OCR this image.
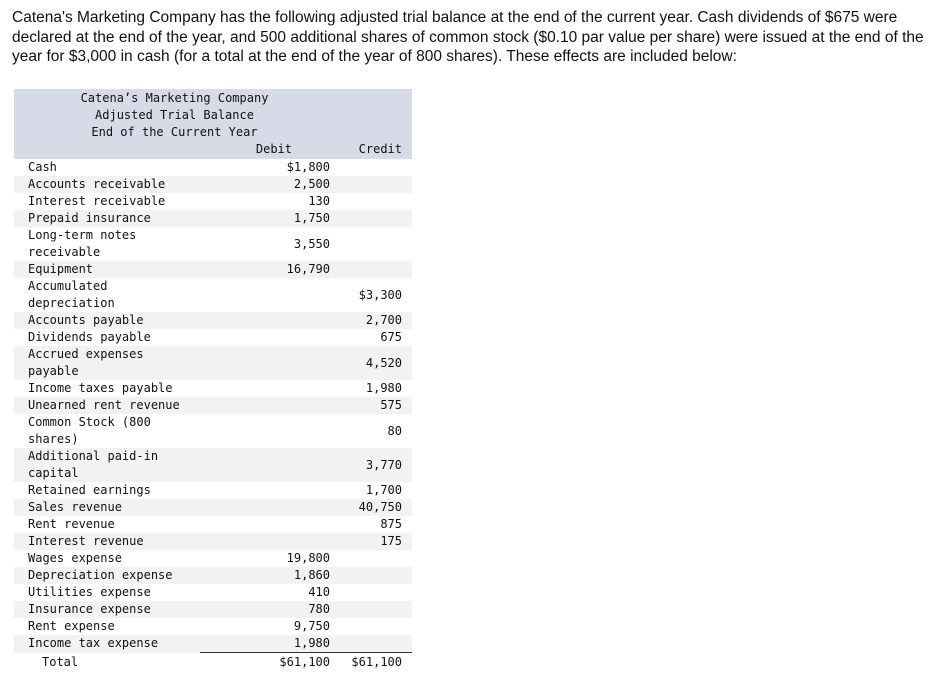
Catena's Marketing Company has the following adjusted trial balance at the end of the current year. Cash dividends of $675 were declared at the end of the year, and 500 additional shares of common stock ($0.10 par value per share) were issued at the end of the year for $3,000 in cash (for a total at the end of the year of 800 shares). These effects are included below:

Catena’s Marketing Company		
Adjusted Trial Balance		
End of the Current Year		
	Debit	Credit
Cash	$1,800	
Accounts receivable	2,500	
Interest receivable	130	
Prepaid insurance	1,750	
Long-term notes receivable	3,550	
Equipment	16,790	
Accumulated depreciation		$3,300
Accounts payable		2,700
Dividends payable		675
Accrued expenses payable		4,520
Income taxes payable		1,980
Unearned rent revenue		575
Common Stock (800 shares)		80
Additional paid-in capital		3,770
Retained earnings		1,700
Sales revenue		40,750
Rent revenue		875
Interest revenue		175
Wages expense	19,800	
Depreciation expense	1,860	
Utilities expense	410	
Insurance expense	780	
Rent expense	9,750	
Income tax expense	1,980	
Total	$61,100	$61,100
